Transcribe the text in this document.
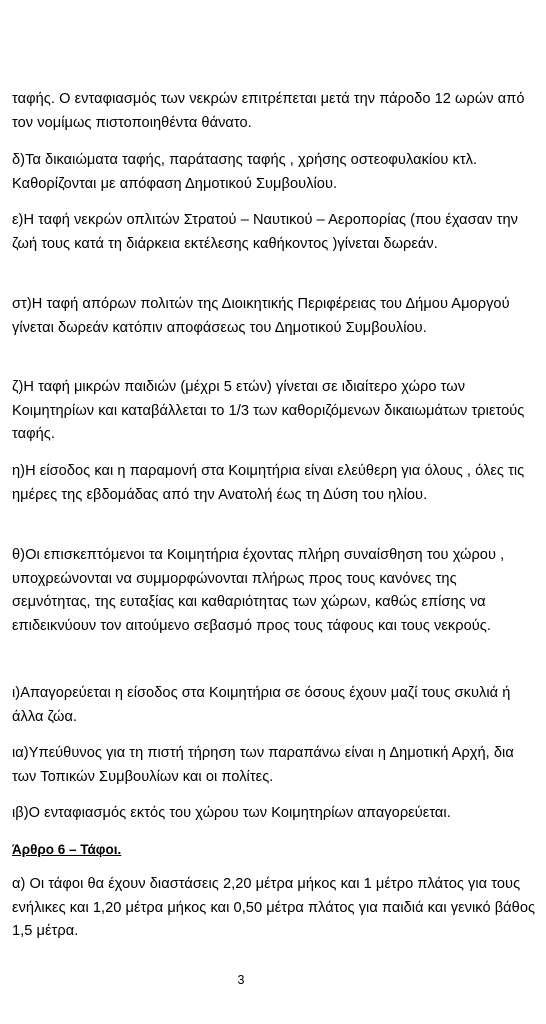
ταφής. Ο ενταφιασμός των νεκρών επιτρέπεται μετά την πάροδο 12 ωρών από τον νομίμως πιστοποιηθέντα θάνατο.

δ)Τα δικαιώματα ταφής, παράτασης ταφής , χρήσης οστεοφυλακίου κτλ. Καθορίζονται με απόφαση Δημοτικού Συμβουλίου.

ε)Η ταφή νεκρών οπλιτών Στρατού – Ναυτικού – Αεροπορίας (που έχασαν την ζωή τους κατά τη διάρκεια εκτέλεσης καθήκοντος )γίνεται δωρεάν.

στ)Η ταφή απόρων πολιτών της Διοικητικής Περιφέρειας του Δήμου Αμοργού γίνεται δωρεάν κατόπιν αποφάσεως του Δημοτικού Συμβουλίου.

ζ)Η ταφή μικρών παιδιών (μέχρι 5 ετών) γίνεται σε ιδιαίτερο χώρο των Κοιμητηρίων και καταβάλλεται το 1/3 των καθοριζόμενων δικαιωμάτων τριετούς ταφής.

η)Η είσοδος και η παραμονή στα Κοιμητήρια είναι ελεύθερη για όλους , όλες τις ημέρες της εβδομάδας από την Ανατολή έως τη Δύση του ηλίου.

θ)Οι επισκεπτόμενοι τα Κοιμητήρια έχοντας πλήρη συναίσθηση του χώρου , υποχρεώνονται να συμμορφώνονται πλήρως προς τους κανόνες της σεμνότητας, της ευταξίας και καθαριότητας των χώρων, καθώς επίσης να επιδεικνύουν τον αιτούμενο σεβασμό προς τους τάφους και τους νεκρούς.

ι)Απαγορεύεται η είσοδος στα Κοιμητήρια σε όσους έχουν μαζί τους σκυλιά ή άλλα ζώα.

ια)Υπεύθυνος για τη πιστή τήρηση των παραπάνω είναι η Δημοτική Αρχή, δια των Τοπικών Συμβουλίων και οι πολίτες.

ιβ)Ο ενταφιασμός εκτός του χώρου των Κοιμητηρίων απαγορεύεται.

Άρθρο 6 – Τάφοι.

α) Οι τάφοι θα έχουν διαστάσεις 2,20 μέτρα μήκος και 1 μέτρο πλάτος για τους ενήλικες και 1,20 μέτρα μήκος και 0,50 μέτρα πλάτος για παιδιά και γενικό βάθος 1,5 μέτρα.

3
